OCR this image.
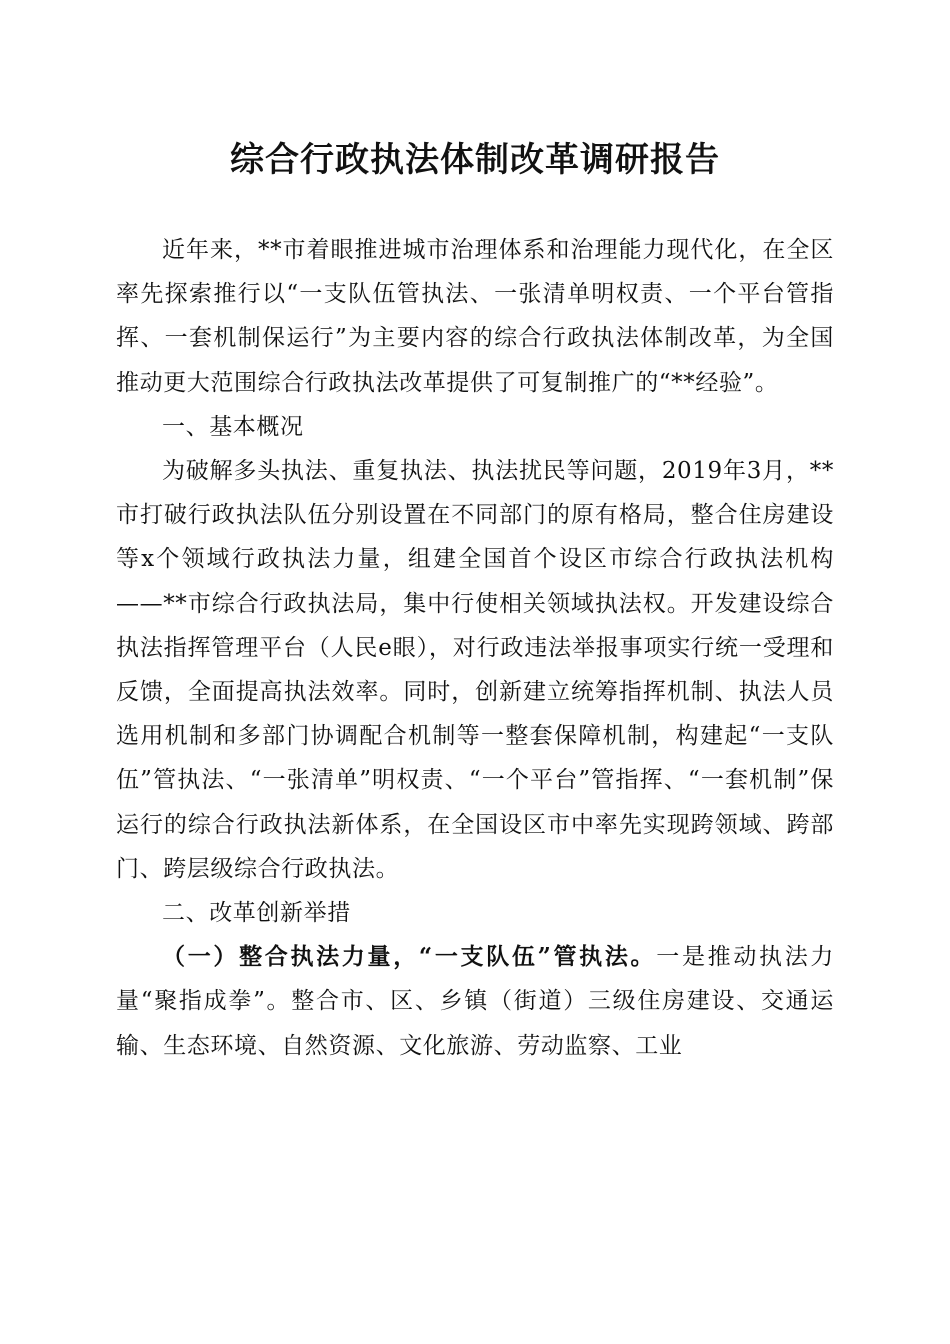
综合行政执法体制改革调研报告

近年来，**市着眼推进城市治理体系和治理能力现代化，在全区率先探索推行以“一支队伍管执法、一张清单明权责、一个平台管指挥、一套机制保运行”为主要内容的综合行政执法体制改革，为全国推动更大范围综合行政执法改革提供了可复制推广的“**经验”。

一、基本概况

为破解多头执法、重复执法、执法扰民等问题，2019年3月，**市打破行政执法队伍分别设置在不同部门的原有格局，整合住房建设等x个领域行政执法力量，组建全国首个设区市综合行政执法机构——**市综合行政执法局，集中行使相关领域执法权。开发建设综合执法指挥管理平台（人民e眼），对行政违法举报事项实行统一受理和反馈，全面提高执法效率。同时，创新建立统筹指挥机制、执法人员选用机制和多部门协调配合机制等一整套保障机制，构建起“一支队伍”管执法、“一张清单”明权责、“一个平台”管指挥、“一套机制”保运行的综合行政执法新体系，在全国设区市中率先实现跨领域、跨部门、跨层级综合行政执法。

二、改革创新举措

（一）整合执法力量，“一支队伍”管执法。一是推动执法力量“聚指成拳”。整合市、区、乡镇（街道）三级住房建设、交通运输、生态环境、自然资源、文化旅游、劳动监察、工业
